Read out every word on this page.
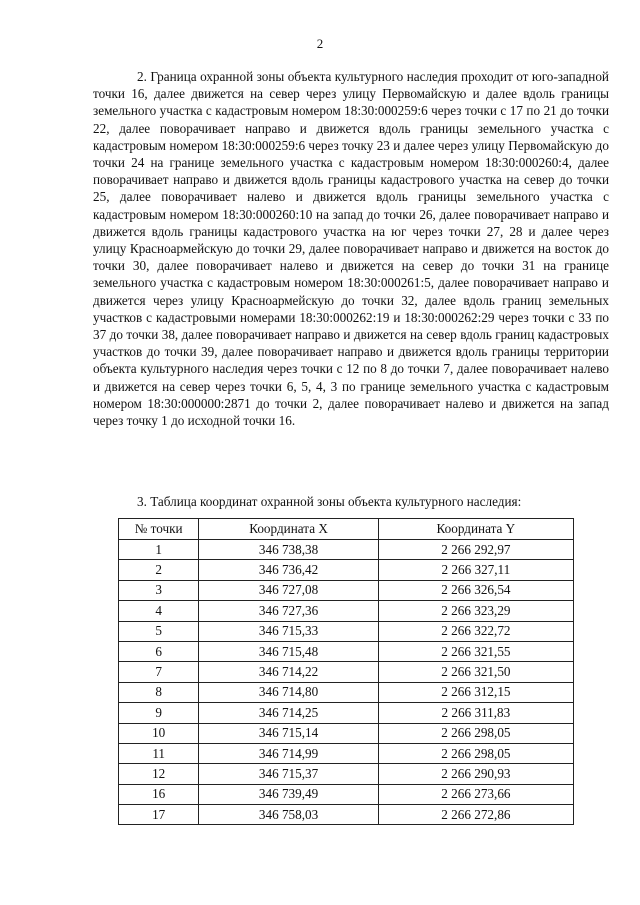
2

2. Граница охранной зоны объекта культурного наследия проходит от юго-западной точки 16, далее движется на север через улицу Первомайскую и далее вдоль границы земельного участка с кадастровым номером 18:30:000259:6 через точки с 17 по 21 до точки 22, далее поворачивает направо и движется вдоль границы земельного участка с кадастровым номером 18:30:000259:6 через точку 23 и далее через улицу Первомайскую до точки 24 на границе земельного участка с кадастровым номером 18:30:000260:4, далее поворачивает направо и движется вдоль границы кадастрового участка на север до точки 25, далее поворачивает налево и движется вдоль границы земельного участка с кадастровым номером 18:30:000260:10 на запад до точки 26, далее поворачивает направо и движется вдоль границы кадастрового участка на юг через точки 27, 28 и далее через улицу Красноармейскую до точки 29, далее поворачивает направо и движется на восток до точки 30, далее поворачивает налево и движется на север до точки 31 на границе земельного участка с кадастровым номером 18:30:000261:5, далее поворачивает направо и движется через улицу Красноармейскую до точки 32, далее вдоль границ земельных участков с кадастровыми номерами 18:30:000262:19 и 18:30:000262:29 через точки с 33 по 37 до точки 38, далее поворачивает направо и движется на север вдоль границ кадастровых участков до точки 39, далее поворачивает направо и движется вдоль границы территории объекта культурного наследия через точки с 12 по 8 до точки 7, далее поворачивает налево и движется на север через точки 6, 5, 4, 3 по границе земельного участка с кадастровым номером 18:30:000000:2871 до точки 2, далее поворачивает налево и движется на запад через точку 1 до исходной точки 16.

3. Таблица координат охранной зоны объекта культурного наследия:

№ точки	Координата X	Координата Y
1	346 738,38	2 266 292,97
2	346 736,42	2 266 327,11
3	346 727,08	2 266 326,54
4	346 727,36	2 266 323,29
5	346 715,33	2 266 322,72
6	346 715,48	2 266 321,55
7	346 714,22	2 266 321,50
8	346 714,80	2 266 312,15
9	346 714,25	2 266 311,83
10	346 715,14	2 266 298,05
11	346 714,99	2 266 298,05
12	346 715,37	2 266 290,93
16	346 739,49	2 266 273,66
17	346 758,03	2 266 272,86
